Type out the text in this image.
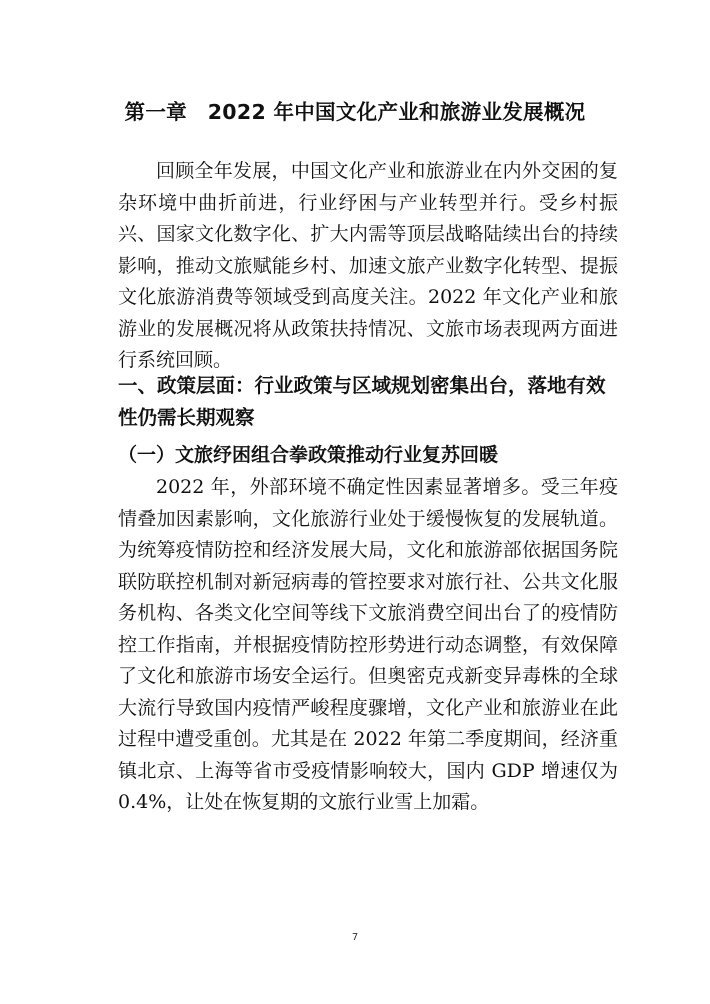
第一章　2022 年中国文化产业和旅游业发展概况
回顾全年发展，中国文化产业和旅游业在内外交困的复杂环境中曲折前进，行业纾困与产业转型并行。受乡村振兴、国家文化数字化、扩大内需等顶层战略陆续出台的持续影响，推动文旅赋能乡村、加速文旅产业数字化转型、提振文化旅游消费等领域受到高度关注。2022 年文化产业和旅游业的发展概况将从政策扶持情况、文旅市场表现两方面进行系统回顾。
一、政策层面：行业政策与区域规划密集出台，落地有效性仍需长期观察
（一）文旅纾困组合拳政策推动行业复苏回暖
2022 年，外部环境不确定性因素显著增多。受三年疫情叠加因素影响，文化旅游行业处于缓慢恢复的发展轨道。为统筹疫情防控和经济发展大局，文化和旅游部依据国务院联防联控机制对新冠病毒的管控要求对旅行社、公共文化服务机构、各类文化空间等线下文旅消费空间出台了的疫情防控工作指南，并根据疫情防控形势进行动态调整，有效保障了文化和旅游市场安全运行。但奥密克戎新变异毒株的全球大流行导致国内疫情严峻程度骤增，文化产业和旅游业在此过程中遭受重创。尤其是在 2022 年第二季度期间，经济重镇北京、上海等省市受疫情影响较大，国内 GDP 增速仅为 0.4%，让处在恢复期的文旅行业雪上加霜。
7
